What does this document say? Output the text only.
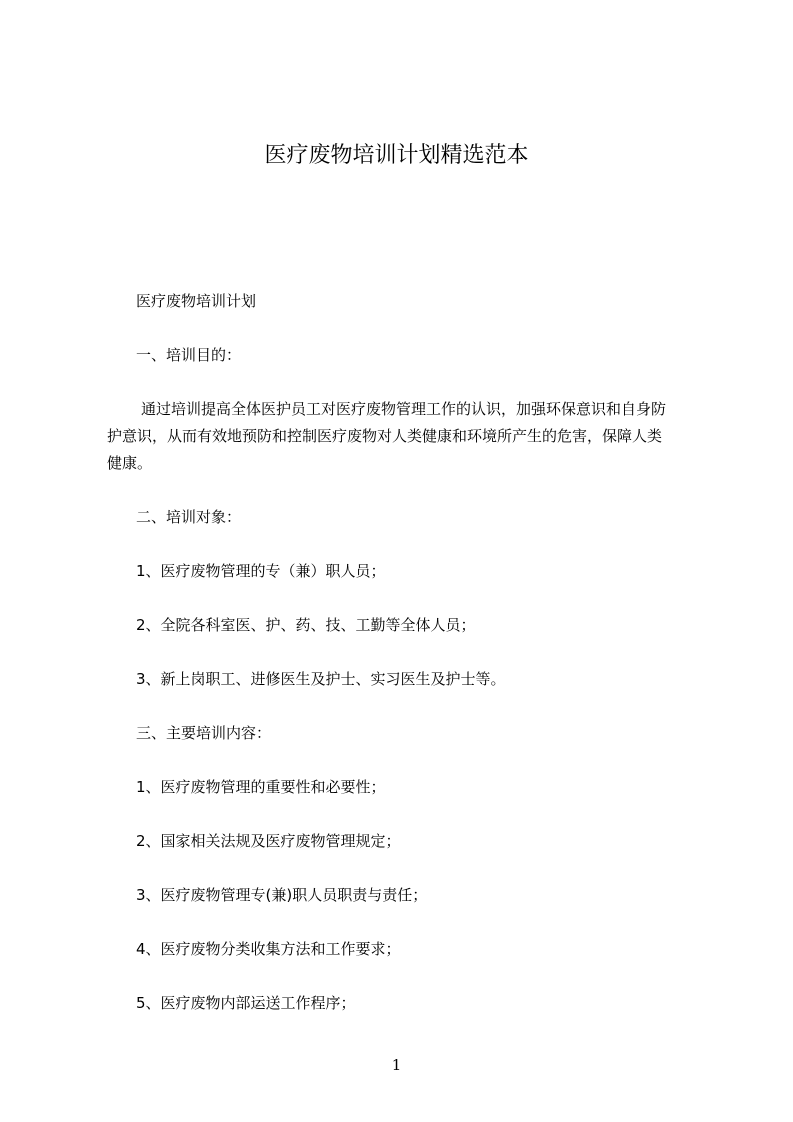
医疗废物培训计划精选范本
医疗废物培训计划
一、培训目的：
通过培训提高全体医护员工对医疗废物管理工作的认识，加强环保意识和自身防
护意识，从而有效地预防和控制医疗废物对人类健康和环境所产生的危害，保障人类
健康。
二、培训对象：
1、医疗废物管理的专（兼）职人员；
2、全院各科室医、护、药、技、工勤等全体人员；
3、新上岗职工、进修医生及护士、实习医生及护士等。
三、主要培训内容：
1、医疗废物管理的重要性和必要性；
2、国家相关法规及医疗废物管理规定；
3、医疗废物管理专(兼)职人员职责与责任；
4、医疗废物分类收集方法和工作要求；
5、医疗废物内部运送工作程序；
1
